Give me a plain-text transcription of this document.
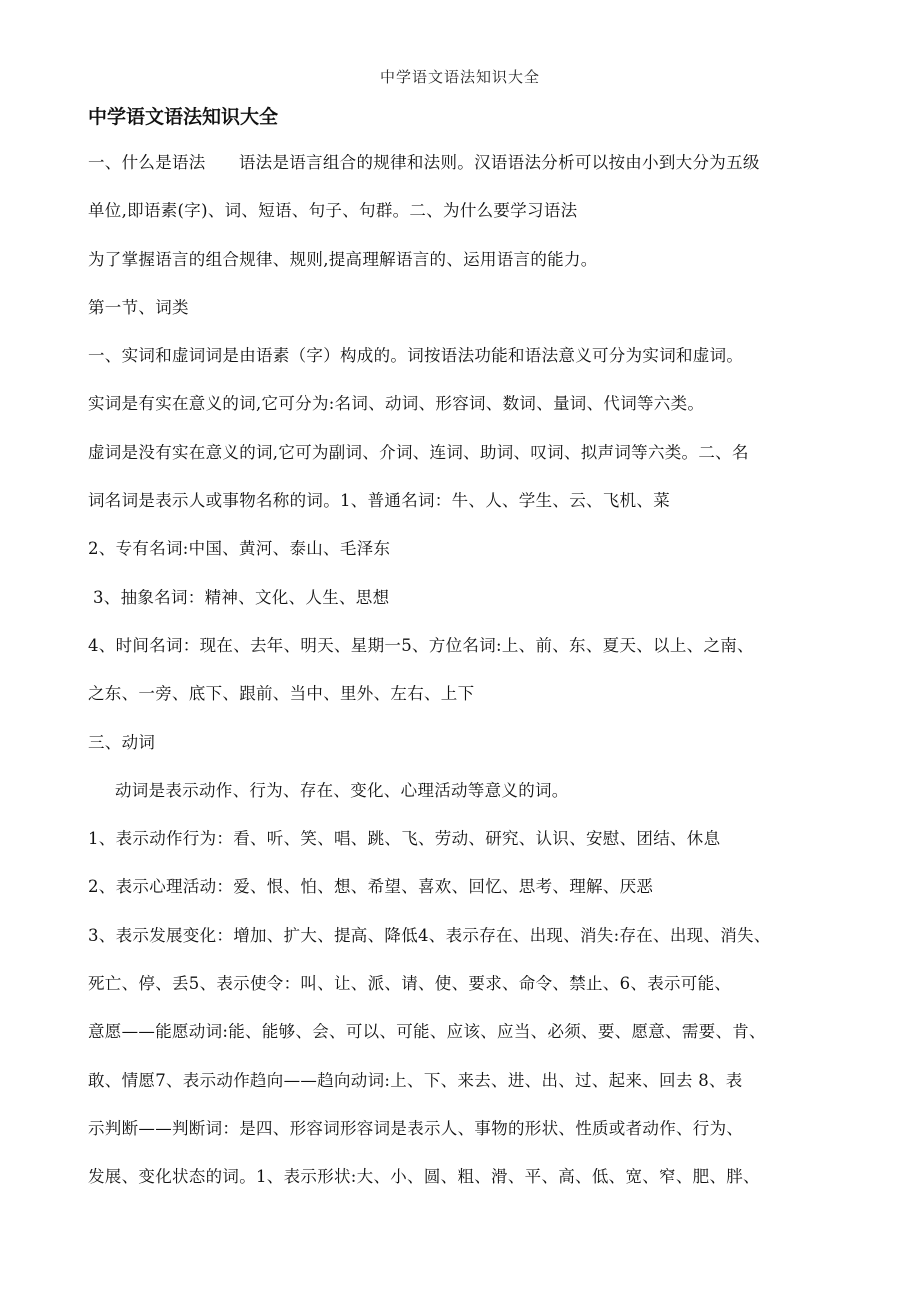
中学语文语法知识大全
中学语文语法知识大全
一、什么是语法      语法是语言组合的规律和法则。汉语语法分析可以按由小到大分为五级
单位,即语素(字)、词、短语、句子、句群。二、为什么要学习语法
为了掌握语言的组合规律、规则,提高理解语言的、运用语言的能力。
第一节、词类
一、实词和虚词词是由语素（字）构成的。词按语法功能和语法意义可分为实词和虚词。
实词是有实在意义的词,它可分为:名词、动词、形容词、数词、量词、代词等六类。
虚词是没有实在意义的词,它可为副词、介词、连词、助词、叹词、拟声词等六类。二、名
词名词是表示人或事物名称的词。1、普通名词：牛、人、学生、云、飞机、菜
2、专有名词:中国、黄河、泰山、毛泽东
3、抽象名词：精神、文化、人生、思想
4、时间名词：现在、去年、明天、星期一5、方位名词:上、前、东、夏天、以上、之南、
之东、一旁、底下、跟前、当中、里外、左右、上下
三、动词
动词是表示动作、行为、存在、变化、心理活动等意义的词。
1、表示动作行为：看、听、笑、唱、跳、飞、劳动、研究、认识、安慰、团结、休息
2、表示心理活动：爱、恨、怕、想、希望、喜欢、回忆、思考、理解、厌恶
3、表示发展变化：增加、扩大、提高、降低4、表示存在、出现、消失:存在、出现、消失、
死亡、停、丢5、表示使令：叫、让、派、请、使、要求、命令、禁止、6、表示可能、
意愿——能愿动词:能、能够、会、可以、可能、应该、应当、必须、要、愿意、需要、肯、
敢、情愿7、表示动作趋向——趋向动词:上、下、来去、进、出、过、起来、回去 8、表
示判断——判断词：是四、形容词形容词是表示人、事物的形状、性质或者动作、行为、
发展、变化状态的词。1、表示形状:大、小、圆、粗、滑、平、高、低、宽、窄、肥、胖、
